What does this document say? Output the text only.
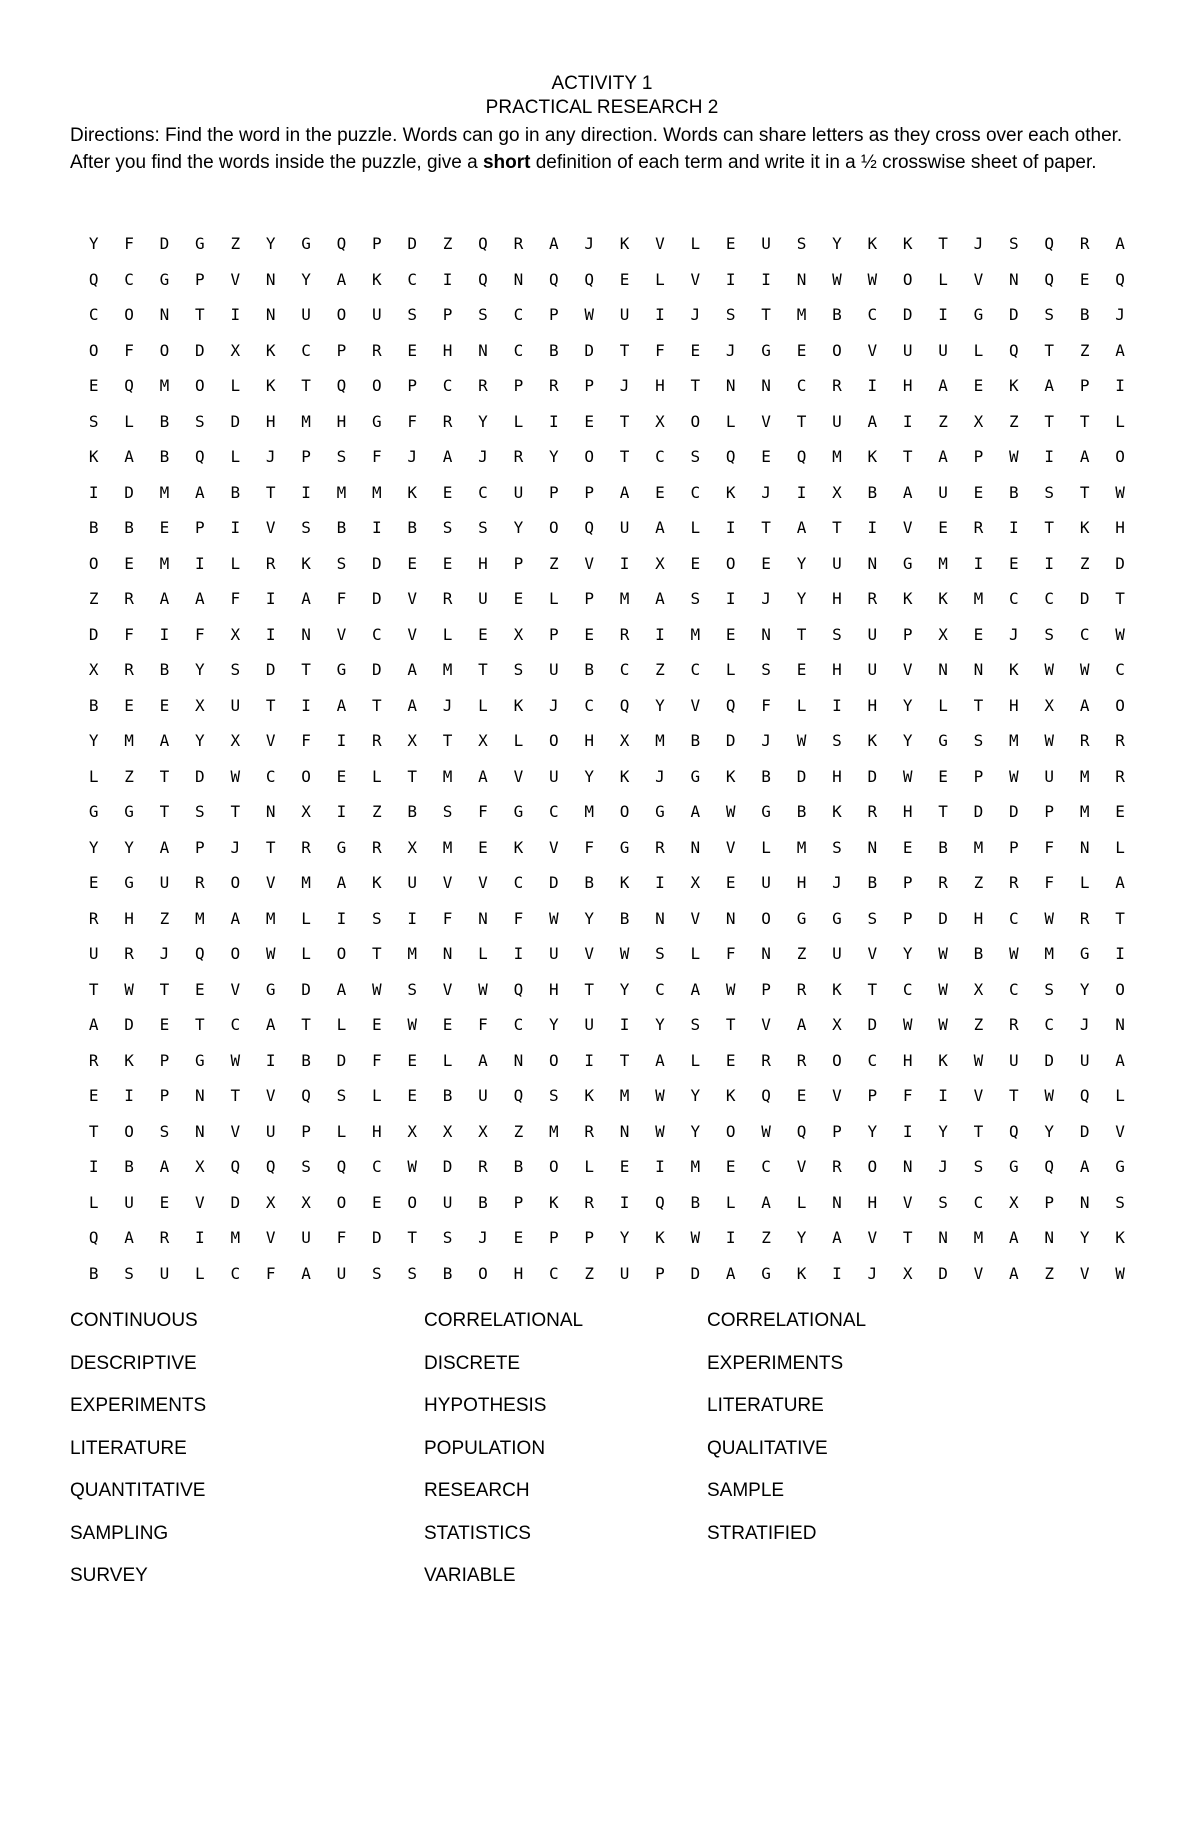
ACTIVITY 1

PRACTICAL RESEARCH 2

Directions: Find the word in the puzzle. Words can go in any direction. Words can share letters as they cross over each other. After you find the words inside the puzzle, give a short definition of each term and write it in a ½ crosswise sheet of paper.
Y	F	D	G	Z	Y	G	Q	P	D	Z	Q	R	A	J	K	V	L	E	U	S	Y	K	K	T	J	S	Q	R	A
Q	C	G	P	V	N	Y	A	K	C	I	Q	N	Q	Q	E	L	V	I	I	N	W	W	O	L	V	N	Q	E	Q
C	O	N	T	I	N	U	O	U	S	P	S	C	P	W	U	I	J	S	T	M	B	C	D	I	G	D	S	B	J
O	F	O	D	X	K	C	P	R	E	H	N	C	B	D	T	F	E	J	G	E	O	V	U	U	L	Q	T	Z	A
E	Q	M	O	L	K	T	Q	O	P	C	R	P	R	P	J	H	T	N	N	C	R	I	H	A	E	K	A	P	I
S	L	B	S	D	H	M	H	G	F	R	Y	L	I	E	T	X	O	L	V	T	U	A	I	Z	X	Z	T	T	L
K	A	B	Q	L	J	P	S	F	J	A	J	R	Y	O	T	C	S	Q	E	Q	M	K	T	A	P	W	I	A	O
I	D	M	A	B	T	I	M	M	K	E	C	U	P	P	A	E	C	K	J	I	X	B	A	U	E	B	S	T	W
B	B	E	P	I	V	S	B	I	B	S	S	Y	O	Q	U	A	L	I	T	A	T	I	V	E	R	I	T	K	H
O	E	M	I	L	R	K	S	D	E	E	H	P	Z	V	I	X	E	O	E	Y	U	N	G	M	I	E	I	Z	D
Z	R	A	A	F	I	A	F	D	V	R	U	E	L	P	M	A	S	I	J	Y	H	R	K	K	M	C	C	D	T
D	F	I	F	X	I	N	V	C	V	L	E	X	P	E	R	I	M	E	N	T	S	U	P	X	E	J	S	C	W
X	R	B	Y	S	D	T	G	D	A	M	T	S	U	B	C	Z	C	L	S	E	H	U	V	N	N	K	W	W	C
B	E	E	X	U	T	I	A	T	A	J	L	K	J	C	Q	Y	V	Q	F	L	I	H	Y	L	T	H	X	A	O
Y	M	A	Y	X	V	F	I	R	X	T	X	L	O	H	X	M	B	D	J	W	S	K	Y	G	S	M	W	R	R
L	Z	T	D	W	C	O	E	L	T	M	A	V	U	Y	K	J	G	K	B	D	H	D	W	E	P	W	U	M	R
G	G	T	S	T	N	X	I	Z	B	S	F	G	C	M	O	G	A	W	G	B	K	R	H	T	D	D	P	M	E
Y	Y	A	P	J	T	R	G	R	X	M	E	K	V	F	G	R	N	V	L	M	S	N	E	B	M	P	F	N	L
E	G	U	R	O	V	M	A	K	U	V	V	C	D	B	K	I	X	E	U	H	J	B	P	R	Z	R	F	L	A
R	H	Z	M	A	M	L	I	S	I	F	N	F	W	Y	B	N	V	N	O	G	G	S	P	D	H	C	W	R	T
U	R	J	Q	O	W	L	O	T	M	N	L	I	U	V	W	S	L	F	N	Z	U	V	Y	W	B	W	M	G	I
T	W	T	E	V	G	D	A	W	S	V	W	Q	H	T	Y	C	A	W	P	R	K	T	C	W	X	C	S	Y	O
A	D	E	T	C	A	T	L	E	W	E	F	C	Y	U	I	Y	S	T	V	A	X	D	W	W	Z	R	C	J	N
R	K	P	G	W	I	B	D	F	E	L	A	N	O	I	T	A	L	E	R	R	O	C	H	K	W	U	D	U	A
E	I	P	N	T	V	Q	S	L	E	B	U	Q	S	K	M	W	Y	K	Q	E	V	P	F	I	V	T	W	Q	L
T	O	S	N	V	U	P	L	H	X	X	X	Z	M	R	N	W	Y	O	W	Q	P	Y	I	Y	T	Q	Y	D	V
I	B	A	X	Q	Q	S	Q	C	W	D	R	B	O	L	E	I	M	E	C	V	R	O	N	J	S	G	Q	A	G
L	U	E	V	D	X	X	O	E	O	U	B	P	K	R	I	Q	B	L	A	L	N	H	V	S	C	X	P	N	S
Q	A	R	I	M	V	U	F	D	T	S	J	E	P	P	Y	K	W	I	Z	Y	A	V	T	N	M	A	N	Y	K
B	S	U	L	C	F	A	U	S	S	B	O	H	C	Z	U	P	D	A	G	K	I	J	X	D	V	A	Z	V	W
CONTINUOUS	CORRELATIONAL	CORRELATIONAL
DESCRIPTIVE	DISCRETE	EXPERIMENTS
EXPERIMENTS	HYPOTHESIS	LITERATURE
LITERATURE	POPULATION	QUALITATIVE
QUANTITATIVE	RESEARCH	SAMPLE
SAMPLING	STATISTICS	STRATIFIED
SURVEY	VARIABLE
